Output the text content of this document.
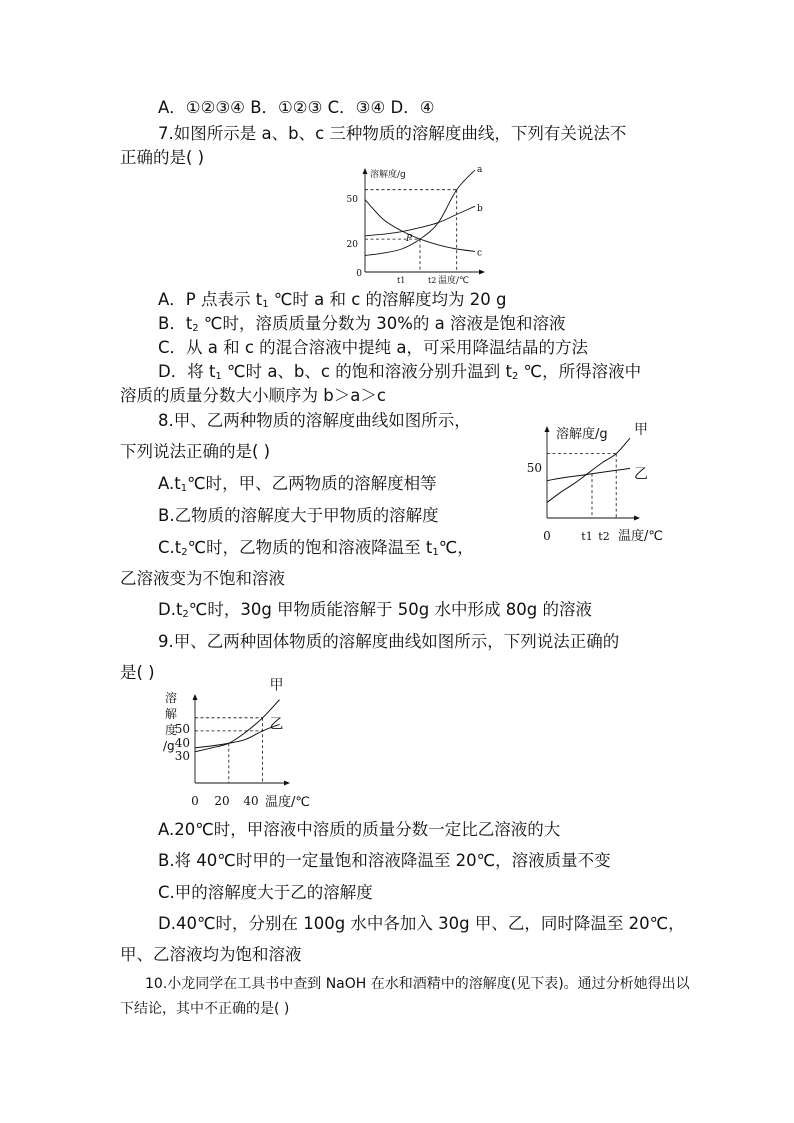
A．①②③④ B．①②③ C．③④ D．④
7.如图所示是 a、b、c 三种物质的溶解度曲线，下列有关说法不
正确的是( )
溶解度/g
50
20
0
t1	t2 温度/℃
a
b
c
P
A．P 点表示 $t_1$ ℃时 a 和 c 的溶解度均为 20 g
B．$t_2$ ℃时，溶质质量分数为 30%的 a 溶液是饱和溶液
C．从 a 和 c 的混合溶液中提纯 a，可采用降温结晶的方法
D．将 $t_1$ ℃时 a、b、c 的饱和溶液分别升温到 $t_2$ ℃，所得溶液中
溶质的质量分数大小顺序为 b＞a＞c
8.甲、乙两种物质的溶解度曲线如图所示，
下列说法正确的是( )
$A.t_1℃$时，甲、乙两物质的溶解度相等
B.乙物质的溶解度大于甲物质的溶解度
$C.t_2℃$时，乙物质的饱和溶液降温至 $t_1℃$，
乙溶液变为不饱和溶液
$D.t_2℃$时，30g 甲物质能溶解于 50g 水中形成 80g 的溶液
溶解度/g
50
0	t1 t2 温度/℃
甲
乙
9.甲、乙两种固体物质的溶解度曲线如图所示，下列说法正确的
是( )
溶
解
度
/g
50
40
30
0 20 40 温度/℃
甲
乙
A.20℃时，甲溶液中溶质的质量分数一定比乙溶液的大
B.将 40℃时甲的一定量饱和溶液降温至 20℃，溶液质量不变
C.甲的溶解度大于乙的溶解度
D.40℃时，分别在 100g 水中各加入 30g 甲、乙，同时降温至 20℃，
甲、乙溶液均为饱和溶液
10.小龙同学在工具书中查到 NaOH 在水和酒精中的溶解度(见下表)。通过分析她得出以
下结论，其中不正确的是( )
